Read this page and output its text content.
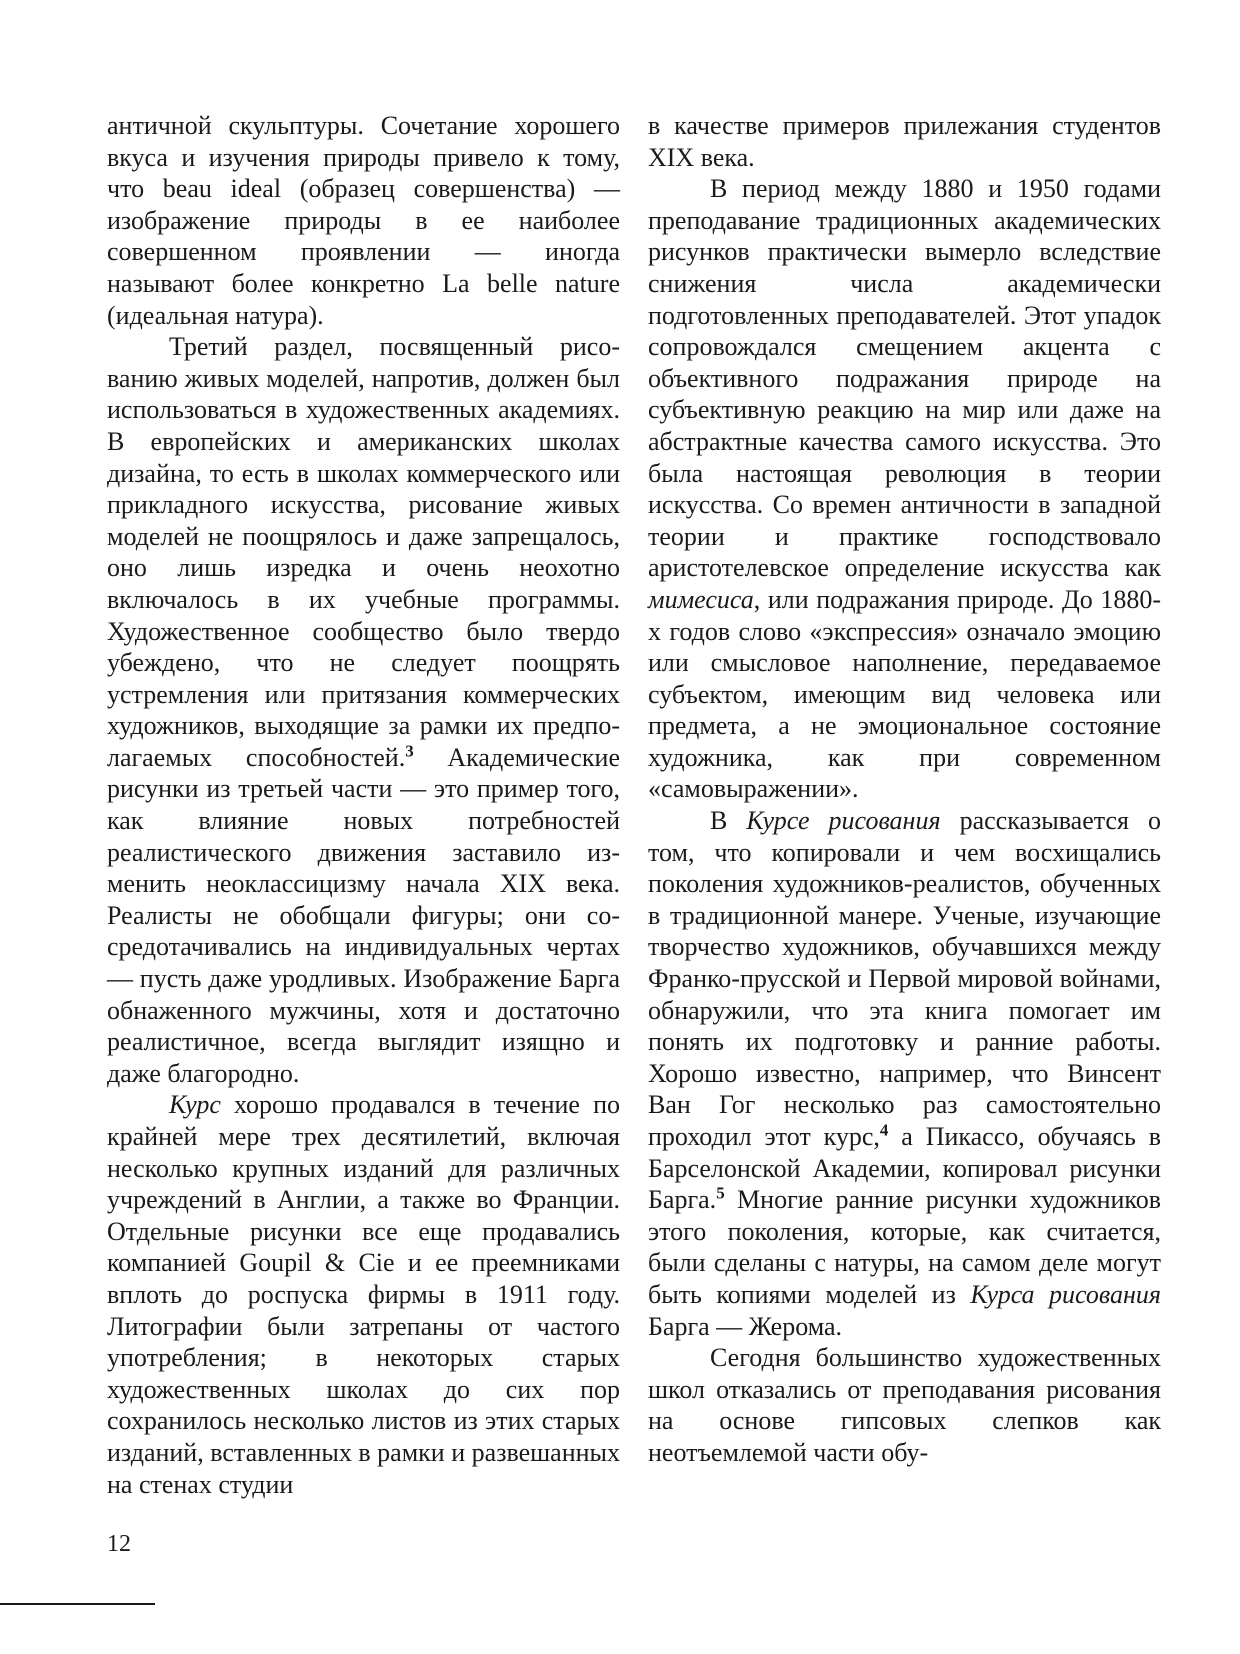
античной скульптуры. Сочетание хорошего вкуса и изучения природы привело к тому, что beau ideal (образец совершенства) — изображение природы в ее наиболее совершенном проявлении — иногда называют более конкретно La belle nature (идеальная натура).

Третий раздел, посвященный рисованию живых моделей, напротив, должен был использоваться в художественных академиях. В европейских и американских школах дизайна, то есть в школах коммерческого или прикладного искусства, рисование живых моделей не поощрялось и даже запрещалось, оно лишь изредка и очень неохотно включалось в их учебные программы. Художественное сообщество было твердо убеждено, что не следует поощрять устремления или притязания коммерческих художников, выходящие за рамки их предполагаемых способностей.$^3$ Академические рисунки из третьей части — это пример того, как влияние новых потребностей реалистического движения заставило изменить неоклассицизму начала XIX века. Реалисты не обобщали фигуры; они сосредотачивались на индивидуальных чертах — пусть даже уродливых. Изображение Барга обнаженного мужчины, хотя и достаточно реалистичное, всегда выглядит изящно и даже благородно.

Курс хорошо продавался в течение по крайней мере трех десятилетий, включая несколько крупных изданий для различных учреждений в Англии, а также во Франции. Отдельные рисунки все еще продавались компанией Goupil & Cie и ее преемниками вплоть до роспуска фирмы в 1911 году. Литографии были затрепаны от частого употребления; в некоторых старых художественных школах до сих пор сохранилось несколько листов из этих старых изданий, вставленных в рамки и развешанных на стенах студии

в качестве примеров прилежания студентов XIX века.

В период между 1880 и 1950 годами преподавание традиционных академических рисунков практически вымерло вследствие снижения числа академически подготовленных преподавателей. Этот упадок сопровождался смещением акцента с объективного подражания природе на субъективную реакцию на мир или даже на абстрактные качества самого искусства. Это была настоящая революция в теории искусства. Со времен античности в западной теории и практике господствовало аристотелевское определение искусства как мимесиса, или подражания природе. До 1880-х годов слово «экспрессия» означало эмоцию или смысловое наполнение, передаваемое субъектом, имеющим вид человека или предмета, а не эмоциональное состояние художника, как при современном «самовыражении».

В Курсе рисования рассказывается о том, что копировали и чем восхищались поколения художников-реалистов, обученных в традиционной манере. Ученые, изучающие творчество художников, обучавшихся между Франко-прусской и Первой мировой войнами, обнаружили, что эта книга помогает им понять их подготовку и ранние работы. Хорошо известно, например, что Винсент Ван Гог несколько раз самостоятельно проходил этот курс,$^4$ а Пикассо, обучаясь в Барселонской Академии, копировал рисунки Барга.$^5$ Многие ранние рисунки художников этого поколения, которые, как считается, были сделаны с натуры, на самом деле могут быть копиями моделей из Курса рисования Барга — Жерома.

Сегодня большинство художественных школ отказались от преподавания рисования на основе гипсовых слепков как неотъемлемой части обу-

12
